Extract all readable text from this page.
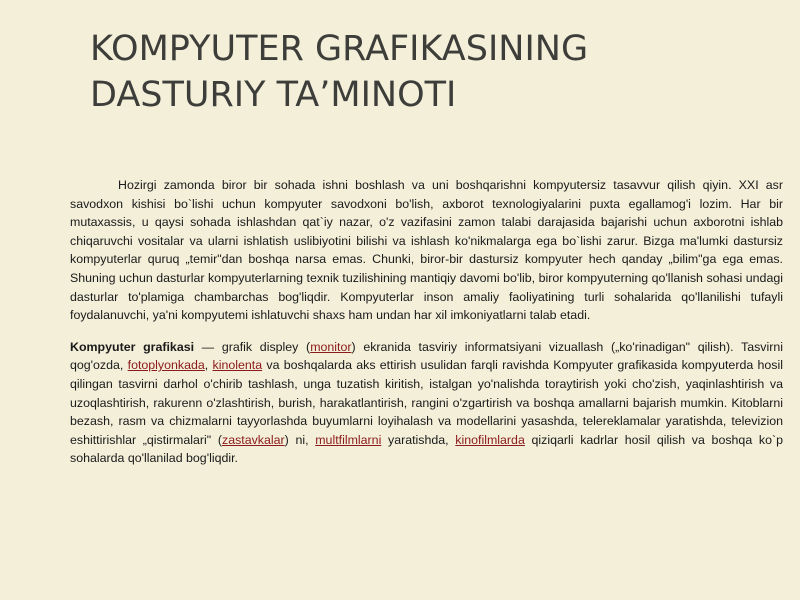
KOMPYUTER GRAFIKASINING
DASTURIY TA’MINOTI

Hozirgi zamonda biror bir sohada ishni boshlash va uni boshqarishni kompyutersiz tasavvur qilish qiyin. XXI asr savodxon kishisi bo`lishi uchun kompyuter savodxoni bo'lish, axborot texnologiyalarini puxta egallamog'i lozim. Har bir mutaxassis, u qaysi sohada ishlashdan qat`iy nazar, o'z vazifasini zamon talabi darajasida bajarishi uchun axborotni ishlab chiqaruvchi vositalar va ularni ishlatish uslibiyotini bilishi va ishlash ko'nikmalarga ega bo`lishi zarur. Bizga ma'lumki dastursiz kompyuterlar quruq „temir"dan boshqa narsa emas. Chunki, biror-bir dastursiz kompyuter hech qanday „bilim"ga ega emas. Shuning uchun dasturlar kompyuterlarning texnik tuzilishining mantiqiy davomi bo'lib, biror kompyuterning qo'llanish sohasi undagi dasturlar to'plamiga chambarchas bog'liqdir. Kompyuterlar inson amaliy faoliyatining turli sohalarida qo'llanilishi tufayli foydalanuvchi, ya'ni kompyutemi ishlatuvchi shaxs ham undan har xil imkoniyatlarni talab etadi.

Kompyuter grafikasi — grafik displey (monitor) ekranida tasviriy informatsiyani vizuallash („ko'rinadigan" qilish). Tasvirni qog'ozda, fotoplyonkada, kinolenta va boshqalarda aks ettirish usulidan farqli ravishda Kompyuter grafikasida kompyuterda hosil qilingan tasvirni darhol o'chirib tashlash, unga tuzatish kiritish, istalgan yo'nalishda toraytirish yoki cho'zish, yaqinlashtirish va uzoqlashtirish, rakurenn o'zlashtirish, burish, harakatlantirish, rangini o'zgartirish va boshqa amallarni bajarish mumkin. Kitoblarni bezash, rasm va chizmalarni tayyorlashda buyumlarni loyihalash va modellarini yasashda, telereklamalar yaratishda, televizion eshittirishlar „qistirmalari" (zastavkalar) ni, multfilmlarni yaratishda, kinofilmlarda qiziqarli kadrlar hosil qilish va boshqa ko`p sohalarda qo'llanilad bog'liqdir.
